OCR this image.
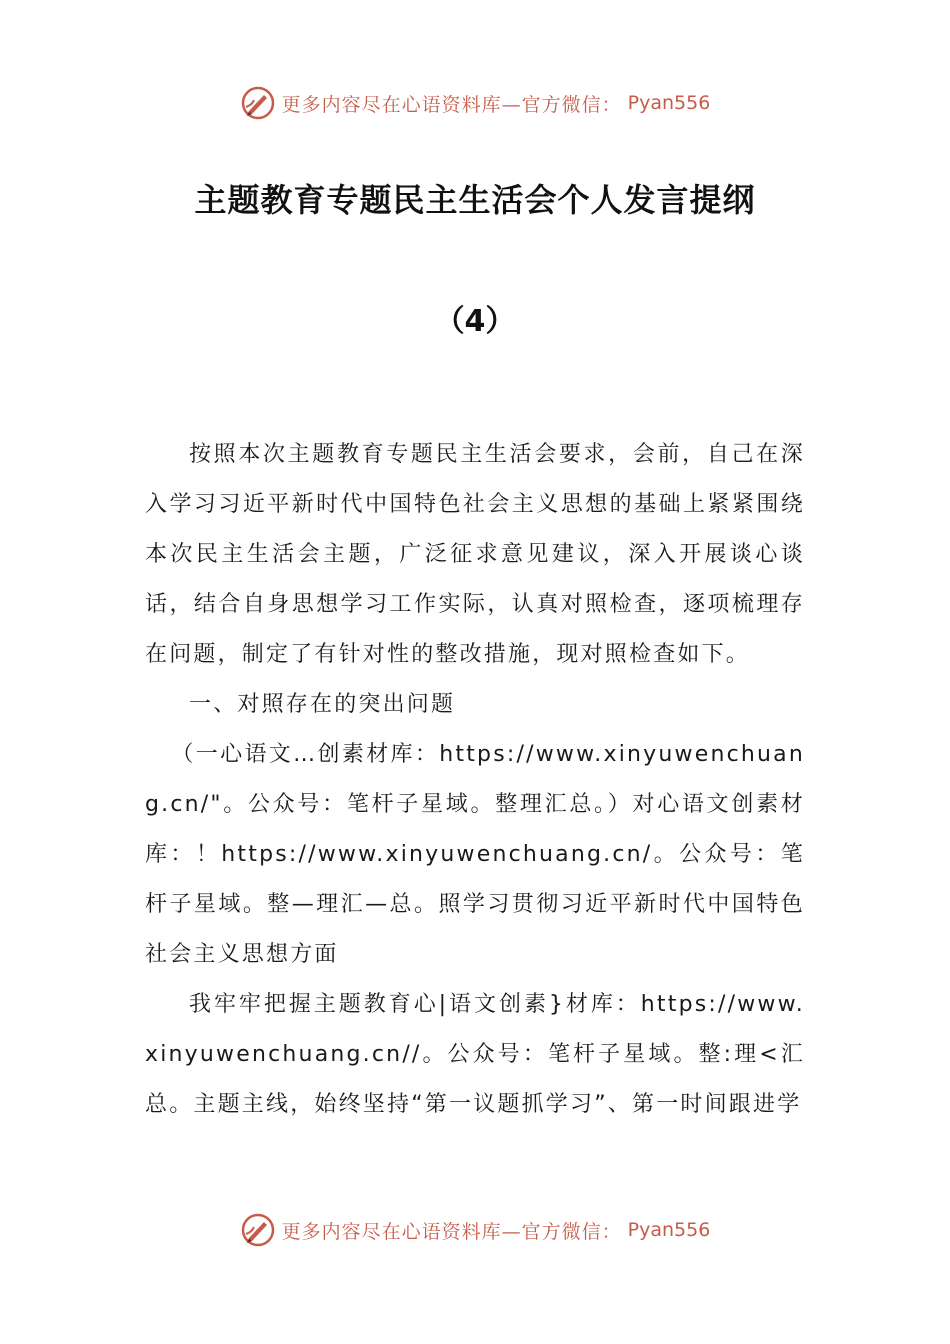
更多内容尽在心语资料库—官方微信： Pyan556
主题教育专题民主生活会个人发言提纲
（4）

按照本次主题教育专题民主生活会要求，会前，自己在深入学习习近平新时代中国特色社会主义思想的基础上紧紧围绕本次民主生活会主题，广泛征求意见建议，深入开展谈心谈话，结合自身思想学习工作实际，认真对照检查，逐项梳理存在问题，制定了有针对性的整改措施，现对照检查如下。

一、对照存在的突出问题

（一心语文…创素材库：https://www.xinyuwenchuang.cn/"。公众号：笔杆子星域。整理汇总。）对心语文创素材库：！https://www.xinyuwenchuang.cn/。公众号：笔杆子星域。整—理汇—总。照学习贯彻习近平新时代中国特色社会主义思想方面

我牢牢把握主题教育心|语文创素}材库：https://www.xinyuwenchuang.cn//。公众号：笔杆子星域。整:理<汇总。主题主线，始终坚持“第一议题抓学习”、第一时间跟进学

更多内容尽在心语资料库—官方微信： Pyan556
